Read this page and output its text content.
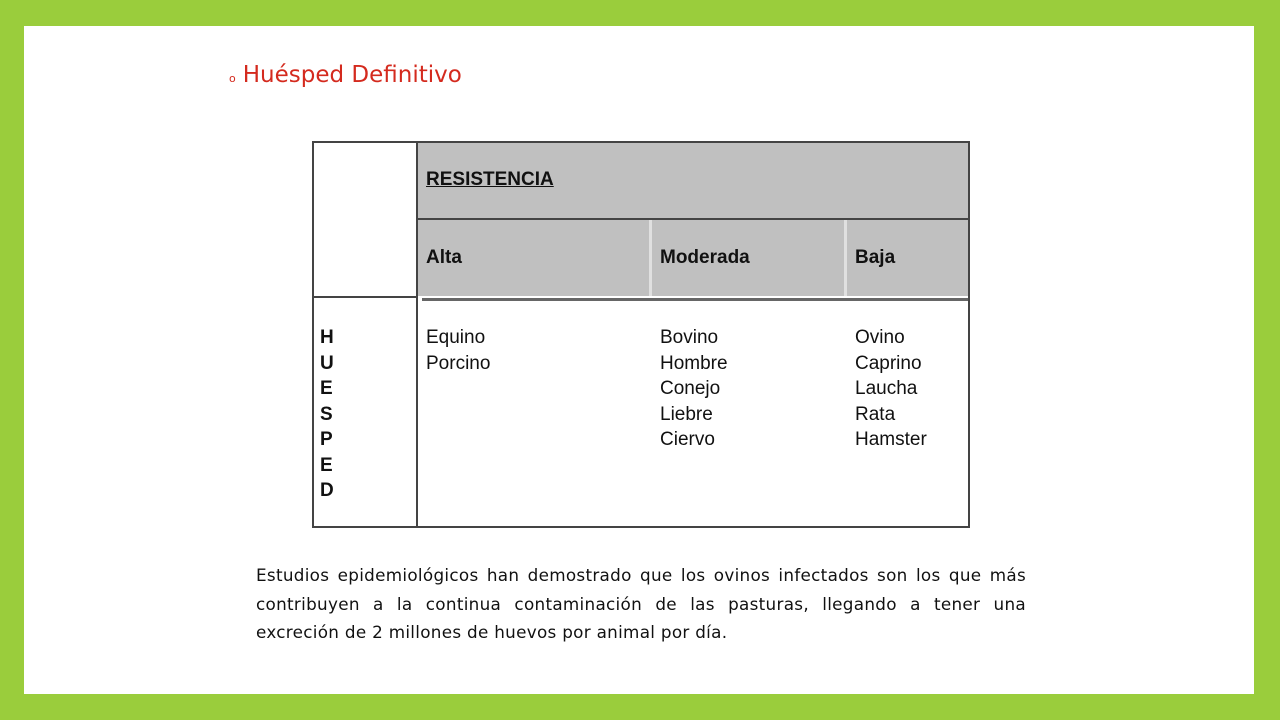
o Huésped Definitivo
H
U
E
S
P
E
D
RESISTENCIA
Alta	Moderada	Baja
Equino
Porcino
Bovino
Hombre
Conejo
Liebre
Ciervo
Ovino
Caprino
Laucha
Rata
Hamster
Estudios epidemiológicos han demostrado que los ovinos infectados son los que más contribuyen a la continua contaminación de las pasturas, llegando a tener una excreción de 2 millones de huevos por animal por día.
